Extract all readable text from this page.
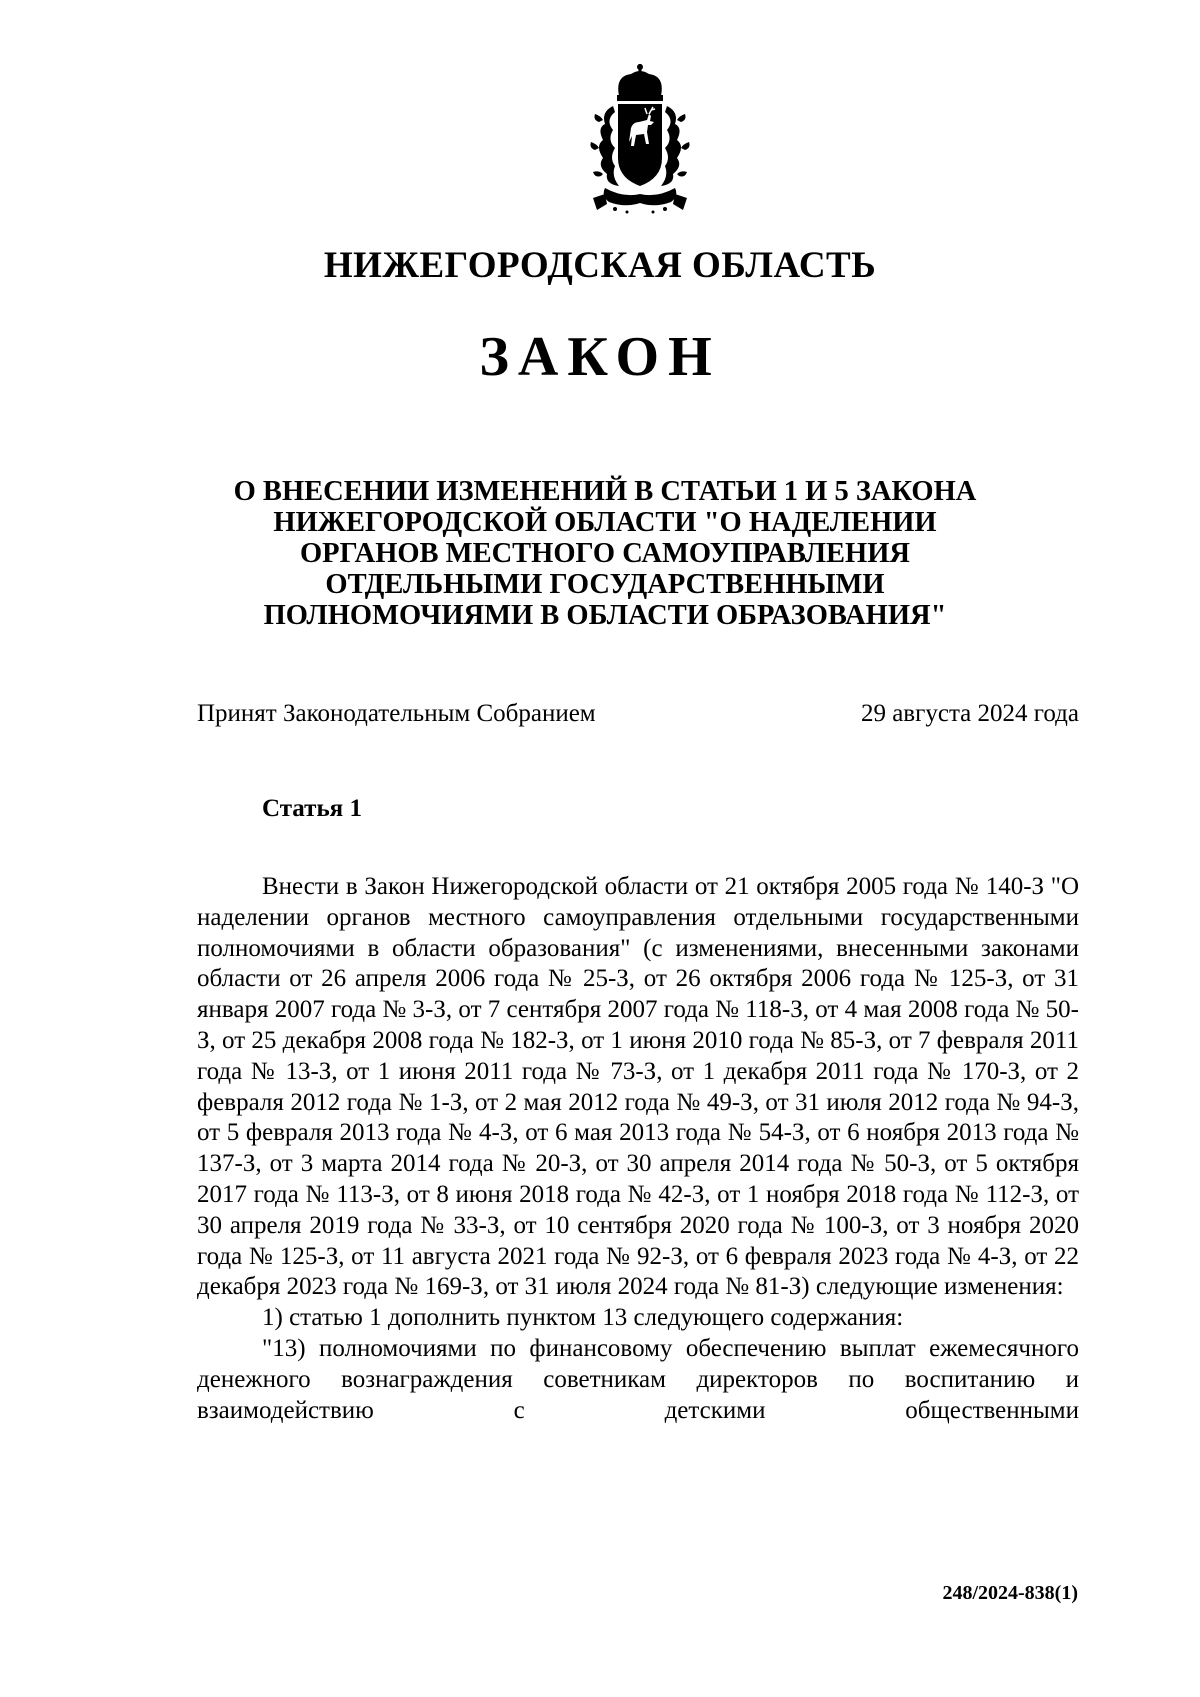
НИЖЕГОРОДСКАЯ ОБЛАСТЬ
ЗАКОН
О ВНЕСЕНИИ ИЗМЕНЕНИЙ В СТАТЬИ 1 И 5 ЗАКОНА НИЖЕГОРОДСКОЙ ОБЛАСТИ "О НАДЕЛЕНИИ ОРГАНОВ МЕСТНОГО САМОУПРАВЛЕНИЯ ОТДЕЛЬНЫМИ ГОСУДАРСТВЕННЫМИ ПОЛНОМОЧИЯМИ В ОБЛАСТИ ОБРАЗОВАНИЯ"
Принят Законодательным Собранием	29 августа 2024 года
Статья 1

Внести в Закон Нижегородской области от 21 октября 2005 года № 140-З "О наделении органов местного самоуправления отдельными государственными полномочиями в области образования" (с изменениями, внесенными законами области от 26 апреля 2006 года № 25-З, от 26 октября 2006 года № 125-З, от 31 января 2007 года № 3-З, от 7 сентября 2007 года № 118-З, от 4 мая 2008 года № 50-З, от 25 декабря 2008 года № 182-З, от 1 июня 2010 года № 85-З, от 7 февраля 2011 года № 13-З, от 1 июня 2011 года № 73-З, от 1 декабря 2011 года № 170-З, от 2 февраля 2012 года № 1-З, от 2 мая 2012 года № 49-З, от 31 июля 2012 года № 94-З, от 5 февраля 2013 года № 4-З, от 6 мая 2013 года № 54-З, от 6 ноября 2013 года № 137-З, от 3 марта 2014 года № 20-З, от 30 апреля 2014 года № 50-З, от 5 октября 2017 года № 113-З, от 8 июня 2018 года № 42-З, от 1 ноября 2018 года № 112-З, от 30 апреля 2019 года № 33-З, от 10 сентября 2020 года № 100-З, от 3 ноября 2020 года № 125-З, от 11 августа 2021 года № 92-З, от 6 февраля 2023 года № 4-З, от 22 декабря 2023 года № 169-З, от 31 июля 2024 года № 81-З) следующие изменения:

1) статью 1 дополнить пунктом 13 следующего содержания:

"13) полномочиями по финансовому обеспечению выплат ежемесячного денежного вознаграждения советникам директоров по воспитанию и взаимодействию с детскими общественными

248/2024-838(1)
